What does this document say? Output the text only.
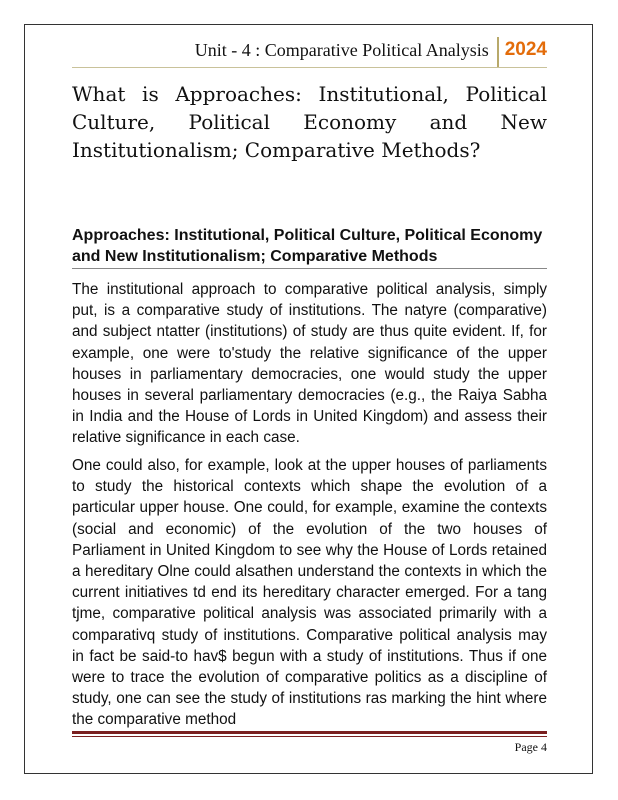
Unit - 4 : Comparative Political Analysis 2024
What is Approaches: Institutional, Political Culture, Political Economy and New Institutionalism; Comparative Methods?
Approaches: Institutional, Political Culture, Political Economy and New Institutionalism; Comparative Methods

The institutional approach to comparative political analysis, simply put, is a comparative study of institutions. The natyre (comparative) and subject ntatter (institutions) of study are thus quite evident. If, for example, one were to'study the relative significance of the upper houses in parliamentary democracies, one would study the upper houses in several parliamentary democracies (e.g., the Raiya Sabha in India and the House of Lords in United Kingdom) and assess their relative significance in each case.

One could also, for example, look at the upper houses of parliaments to study the historical contexts which shape the evolution of a particular upper house. One could, for example, examine the contexts (social and economic) of the evolution of the two houses of Parliament in United Kingdom to see why the House of Lords retained a hereditary Olne could alsathen understand the contexts in which the current initiatives td end its hereditary character emerged. For a tang tjme, comparative political analysis was associated primarily with a comparativq study of institutions. Comparative political analysis may in fact be said-to hav$ begun with a study of institutions. Thus if one were to trace the evolution of comparative politics as a discipline of study, one can see the study of institutions ras marking the hint where the comparative method

Page 4
